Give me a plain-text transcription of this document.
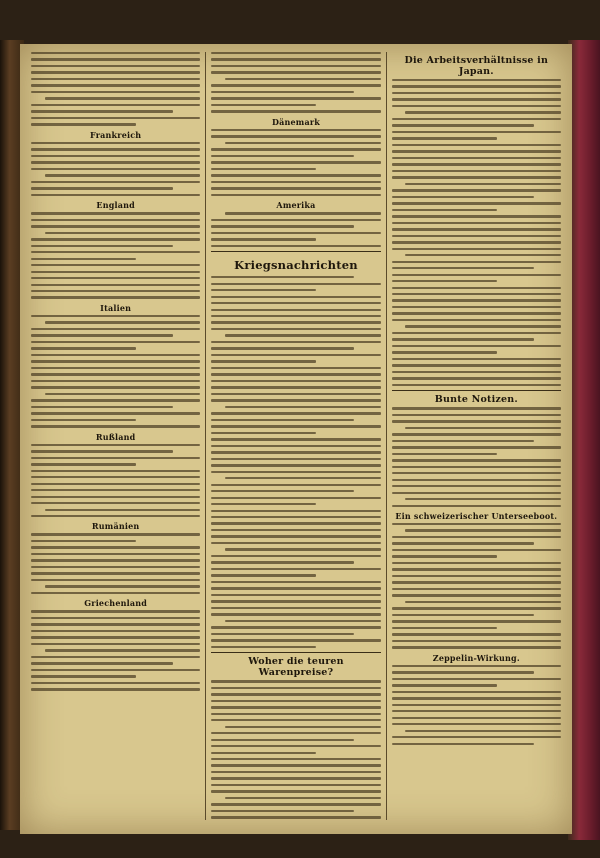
Frankreich
England
Italien
Rußland
Rumänien
Griechenland
Dänemark
Amerika
Kriegsnachrichten
Woher die teuren Warenpreise?
Die Arbeitsverhältnisse in Japan.
Bunte Notizen.
Ein schweizerischer Unterseeboot.
Zeppelin-Wirkung.
